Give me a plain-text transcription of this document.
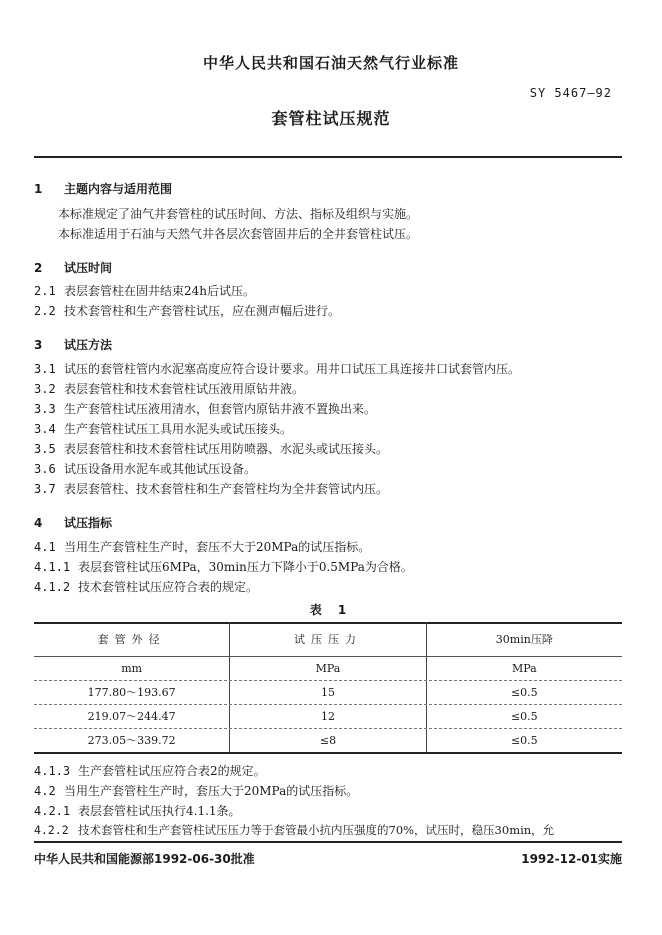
中华人民共和国石油天然气行业标准
SY 5467—92
套管柱试压规范
1 主题内容与适用范围
本标准规定了油气井套管柱的试压时间、方法、指标及组织与实施。
本标准适用于石油与天然气井各层次套管固井后的全井套管柱试压。
2 试压时间
2.1 表层套管柱在固井结束24h后试压。
2.2 技术套管柱和生产套管柱试压，应在测声幅后进行。
3 试压方法
3.1 试压的套管柱管内水泥塞高度应符合设计要求。用井口试压工具连接井口试套管内压。
3.2 表层套管柱和技术套管柱试压液用原钻井液。
3.3 生产套管柱试压液用清水，但套管内原钻井液不置换出来。
3.4 生产套管柱试压工具用水泥头或试压接头。
3.5 表层套管柱和技术套管柱试压用防喷器、水泥头或试压接头。
3.6 试压设备用水泥车或其他试压设备。
3.7 表层套管柱、技术套管柱和生产套管柱均为全井套管试内压。
4 试压指标
4.1 当用生产套管柱生产时，套压不大于20MPa的试压指标。
4.1.1 表层套管柱试压6MPa，30min压力下降小于0.5MPa为合格。
4.1.2 技术套管柱试压应符合表的规定。
表 1
套管外径	试压压力	30min压降
mm	MPa	MPa
177.80～193.67	15	≤0.5
219.07～244.47	12	≤0.5
273.05～339.72	≤8	≤0.5
4.1.3 生产套管柱试压应符合表2的规定。
4.2 当用生产套管柱生产时，套压大于20MPa的试压指标。
4.2.1 表层套管柱试压执行4.1.1条。
4.2.2 技术套管柱和生产套管柱试压压力等于套管最小抗内压强度的70%，试压时，稳压30min，允
中华人民共和国能源部1992-06-30批准	1992-12-01实施
